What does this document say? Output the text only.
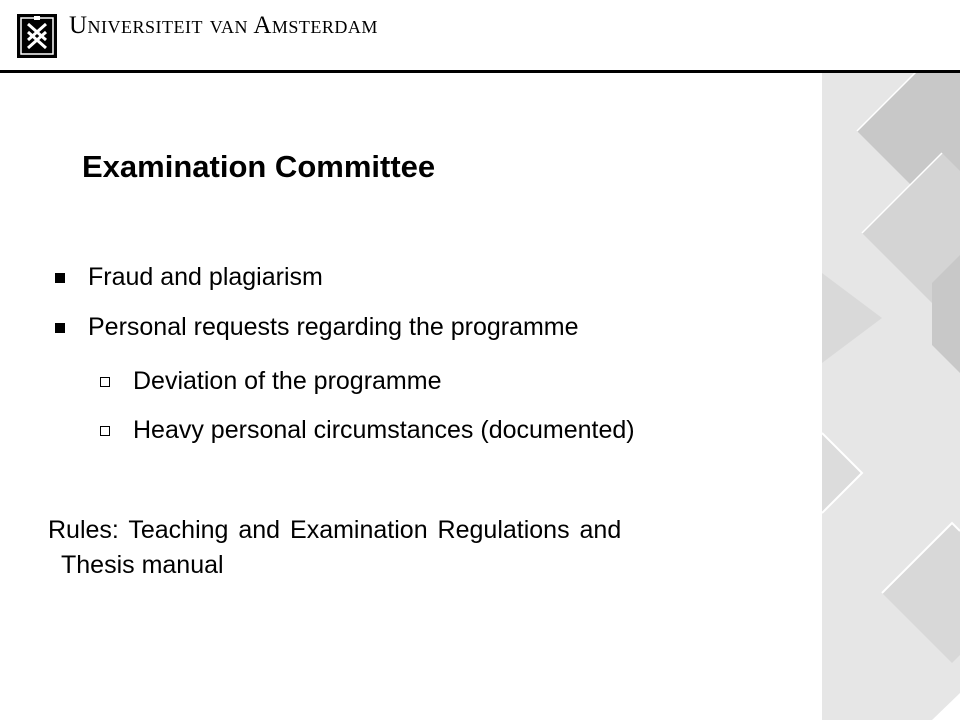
Universiteit van Amsterdam
Examination Committee
Fraud and plagiarism
Personal requests regarding the programme
Deviation of the programme
Heavy personal circumstances (documented)
Rules: Teaching and Examination Regulations and
Thesis manual
